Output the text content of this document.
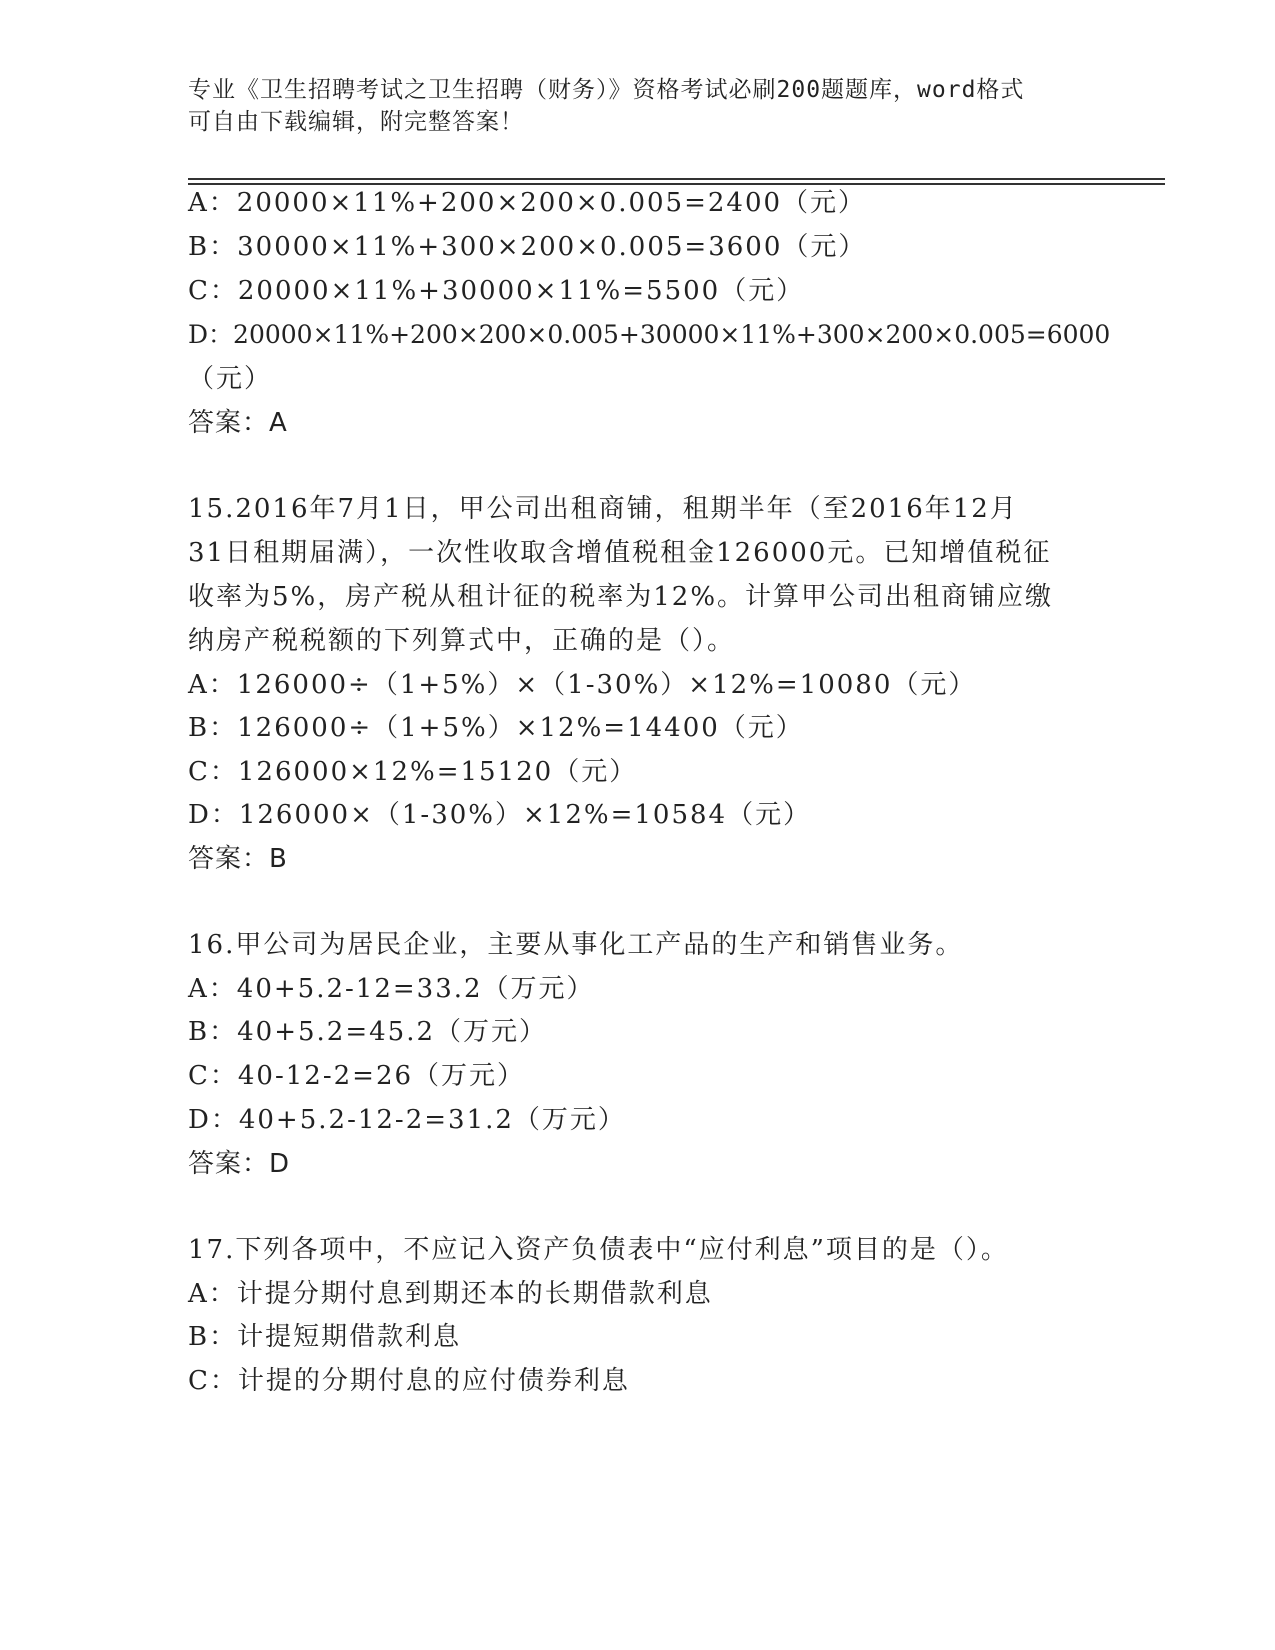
专业《卫生招聘考试之卫生招聘（财务）》资格考试必刷200题题库，word格式
可自由下载编辑，附完整答案！
A：20000×11%+200×200×0.005=2400（元）
B：30000×11%+300×200×0.005=3600（元）
C：20000×11%+30000×11%=5500（元）
D：20000×11%+200×200×0.005+30000×11%+300×200×0.005=6000
（元）
答案：A
15.2016年7月1日，甲公司出租商铺，租期半年（至2016年12月
31日租期届满），一次性收取含增值税租金126000元。已知增值税征
收率为5%，房产税从租计征的税率为12%。计算甲公司出租商铺应缴
纳房产税税额的下列算式中，正确的是（）。
A：126000÷（1+5%）×（1-30%）×12%=10080（元）
B：126000÷（1+5%）×12%=14400（元）
C：126000×12%=15120（元）
D：126000×（1-30%）×12%=10584（元）
答案：B
16.甲公司为居民企业，主要从事化工产品的生产和销售业务。
A：40+5.2-12=33.2（万元）
B：40+5.2=45.2（万元）
C：40-12-2=26（万元）
D：40+5.2-12-2=31.2（万元）
答案：D
17.下列各项中，不应记入资产负债表中“应付利息”项目的是（）。
A：计提分期付息到期还本的长期借款利息
B：计提短期借款利息
C：计提的分期付息的应付债券利息
